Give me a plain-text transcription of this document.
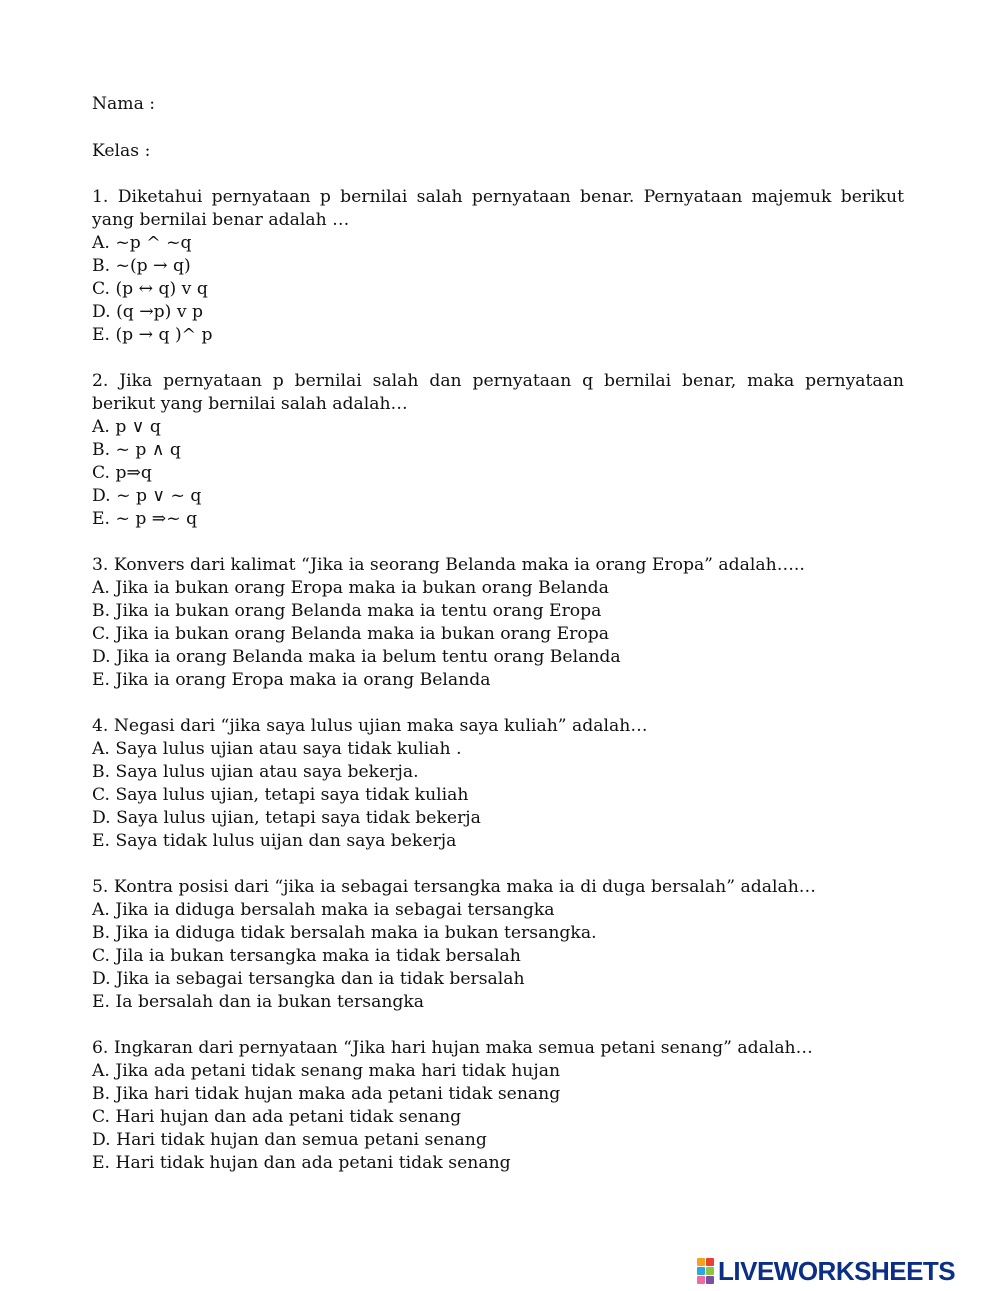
Nama :

Kelas :

1. Diketahui pernyataan p bernilai salah pernyataan benar. Pernyataan majemuk berikut yang bernilai benar adalah …

A. ~p ^ ~q

B. ~(p → q)

C. (p ↔ q) v q

D. (q →p) v p

E. (p → q )^ p

2. Jika pernyataan p bernilai salah dan pernyataan q bernilai benar, maka pernyataan berikut yang bernilai salah adalah…

A. p ∨ q

B. ~ p ∧ q

C. p⇒q

D. ~ p ∨ ~ q

E. ~ p ⇒~ q

3. Konvers dari kalimat “Jika ia seorang Belanda maka ia orang Eropa” adalah…..

A. Jika ia bukan orang Eropa maka ia bukan orang Belanda

B. Jika ia bukan orang Belanda maka ia tentu orang Eropa

C. Jika ia bukan orang Belanda maka ia bukan orang Eropa

D. Jika ia orang Belanda maka ia belum tentu orang Belanda

E. Jika ia orang Eropa maka ia orang Belanda

4. Negasi dari “jika saya lulus ujian maka saya kuliah” adalah…

A. Saya lulus ujian atau saya tidak kuliah .

B. Saya lulus ujian atau saya bekerja.

C. Saya lulus ujian, tetapi saya tidak kuliah

D. Saya lulus ujian, tetapi saya tidak bekerja

E. Saya tidak lulus uijan dan saya bekerja

5. Kontra posisi dari “jika ia sebagai tersangka maka ia di duga bersalah” adalah…

A. Jika ia diduga bersalah maka ia sebagai tersangka

B. Jika ia diduga tidak bersalah maka ia bukan tersangka.

C. Jila ia bukan tersangka maka ia tidak bersalah

D. Jika ia sebagai tersangka dan ia tidak bersalah

E. Ia bersalah dan ia bukan tersangka

6. Ingkaran dari pernyataan “Jika hari hujan maka semua petani senang” adalah…

A. Jika ada petani tidak senang maka hari tidak hujan

B. Jika hari tidak hujan maka ada petani tidak senang

C. Hari hujan dan ada petani tidak senang

D. Hari tidak hujan dan semua petani senang

E. Hari tidak hujan dan ada petani tidak senang

LIVEWORKSHEETS
